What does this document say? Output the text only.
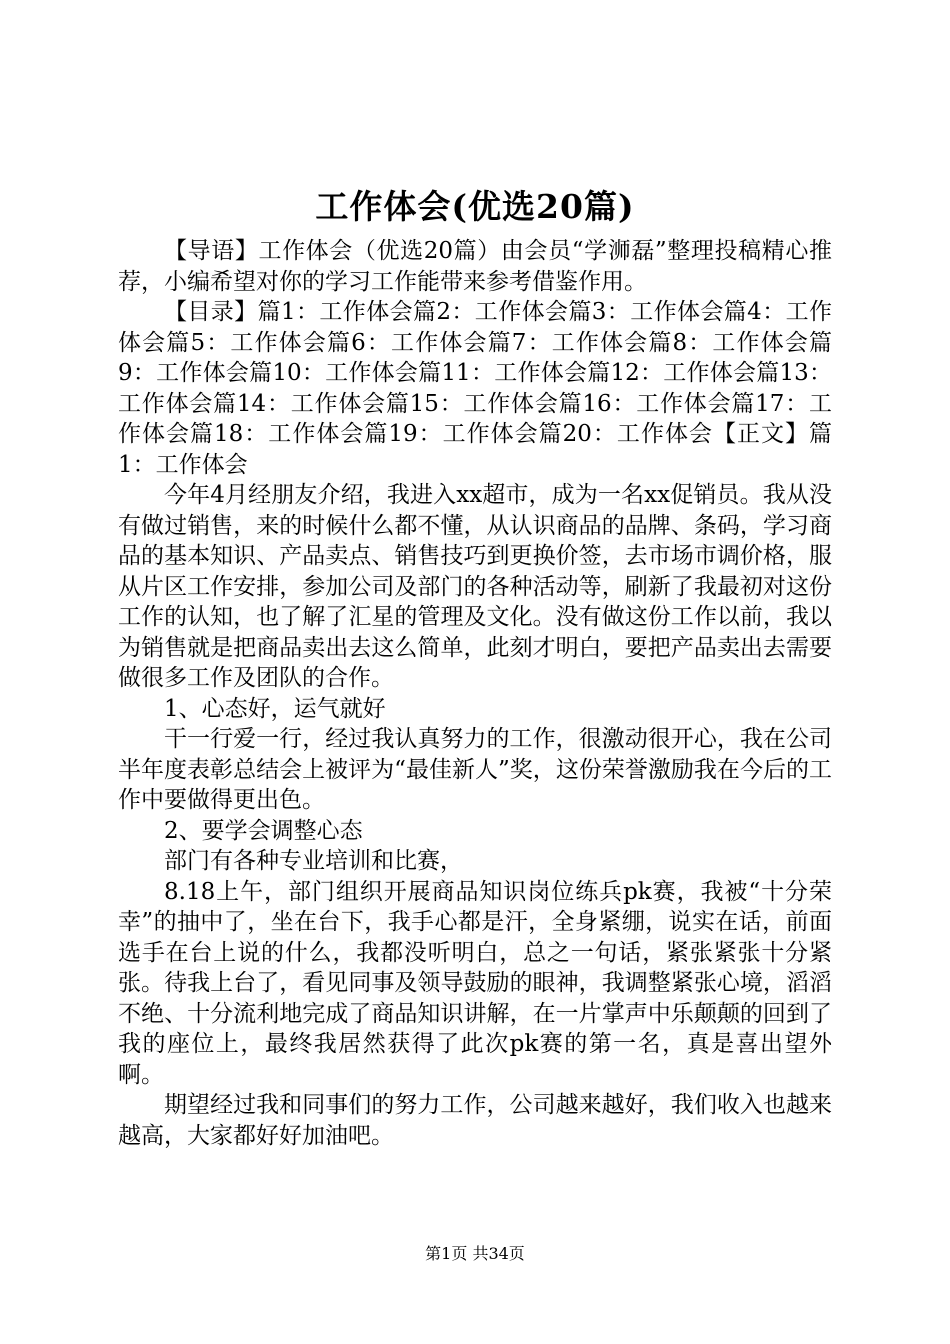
工作体会(优选20篇)

【导语】工作体会（优选20篇）由会员“学浉磊”整理投稿精心推荐，小编希望对你的学习工作能带来参考借鉴作用。

【目录】篇1：工作体会篇2：工作体会篇3：工作体会篇4：工作体会篇5：工作体会篇6：工作体会篇7：工作体会篇8：工作体会篇9：工作体会篇10：工作体会篇11：工作体会篇12：工作体会篇13：工作体会篇14：工作体会篇15：工作体会篇16：工作体会篇17：工作体会篇18：工作体会篇19：工作体会篇20：工作体会【正文】篇1：工作体会

今年4月经朋友介绍，我进入xx超市，成为一名xx促销员。我从没有做过销售，来的时候什么都不懂，从认识商品的品牌、条码，学习商品的基本知识、产品卖点、销售技巧到更换价签，去市场市调价格，服从片区工作安排，参加公司及部门的各种活动等，刷新了我最初对这份工作的认知，也了解了汇星的管理及文化。没有做这份工作以前，我以为销售就是把商品卖出去这么简单，此刻才明白，要把产品卖出去需要做很多工作及团队的合作。

1、心态好，运气就好

干一行爱一行，经过我认真努力的工作，很激动很开心，我在公司半年度表彰总结会上被评为“最佳新人”奖，这份荣誉激励我在今后的工作中要做得更出色。

2、要学会调整心态

部门有各种专业培训和比赛，

8.18上午，部门组织开展商品知识岗位练兵pk赛，我被“十分荣幸”的抽中了，坐在台下，我手心都是汗，全身紧绷，说实在话，前面选手在台上说的什么，我都没听明白，总之一句话，紧张紧张十分紧张。待我上台了，看见同事及领导鼓励的眼神，我调整紧张心境，滔滔不绝、十分流利地完成了商品知识讲解，在一片掌声中乐颠颠的回到了我的座位上，最终我居然获得了此次pk赛的第一名，真是喜出望外啊。

期望经过我和同事们的努力工作，公司越来越好，我们收入也越来越高，大家都好好加油吧。

第1页 共34页
